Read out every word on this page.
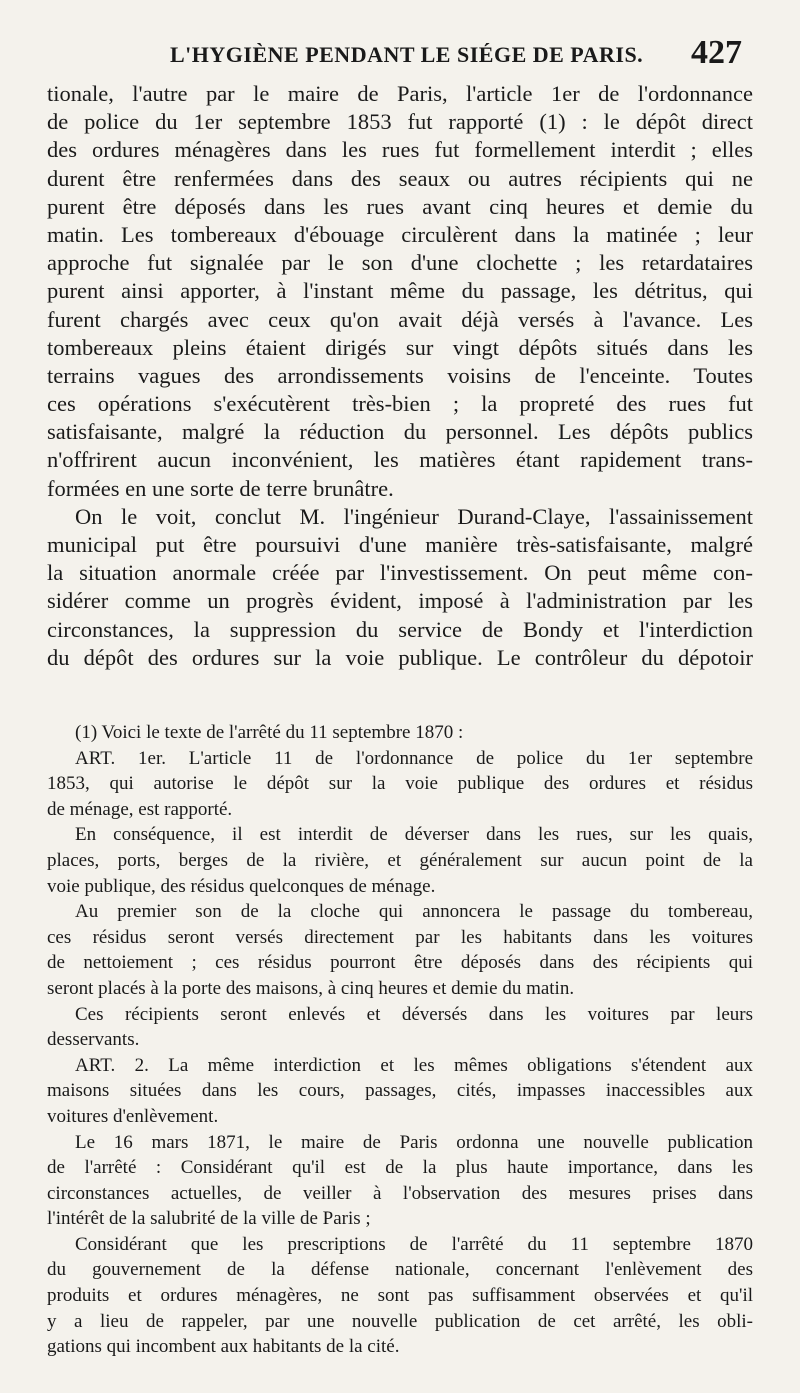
L'HYGIÈNE PENDANT LE SIÉGE DE PARIS. 427
tionale, l'autre par le maire de Paris, l'article 1er de l'ordonnance
de police du 1er septembre 1853 fut rapporté (1) : le dépôt direct
des ordures ménagères dans les rues fut formellement interdit ; elles
durent être renfermées dans des seaux ou autres récipients qui ne
purent être déposés dans les rues avant cinq heures et demie du
matin. Les tombereaux d'ébouage circulèrent dans la matinée ; leur
approche fut signalée par le son d'une clochette ; les retardataires
purent ainsi apporter, à l'instant même du passage, les détritus, qui
furent chargés avec ceux qu'on avait déjà versés à l'avance. Les
tombereaux pleins étaient dirigés sur vingt dépôts situés dans les
terrains vagues des arrondissements voisins de l'enceinte. Toutes
ces opérations s'exécutèrent très-bien ; la propreté des rues fut
satisfaisante, malgré la réduction du personnel. Les dépôts publics
n'offrirent aucun inconvénient, les matières étant rapidement trans-
formées en une sorte de terre brunâtre.
On le voit, conclut M. l'ingénieur Durand-Claye, l'assainissement
municipal put être poursuivi d'une manière très-satisfaisante, malgré
la situation anormale créée par l'investissement. On peut même con-
sidérer comme un progrès évident, imposé à l'administration par les
circonstances, la suppression du service de Bondy et l'interdiction
du dépôt des ordures sur la voie publique. Le contrôleur du dépotoir
(1) Voici le texte de l'arrêté du 11 septembre 1870 :
ART. 1er. L'article 11 de l'ordonnance de police du 1er septembre
1853, qui autorise le dépôt sur la voie publique des ordures et résidus
de ménage, est rapporté.
En conséquence, il est interdit de déverser dans les rues, sur les quais,
places, ports, berges de la rivière, et généralement sur aucun point de la
voie publique, des résidus quelconques de ménage.
Au premier son de la cloche qui annoncera le passage du tombereau,
ces résidus seront versés directement par les habitants dans les voitures
de nettoiement ; ces résidus pourront être déposés dans des récipients qui
seront placés à la porte des maisons, à cinq heures et demie du matin.
Ces récipients seront enlevés et déversés dans les voitures par leurs
desservants.
ART. 2. La même interdiction et les mêmes obligations s'étendent aux
maisons situées dans les cours, passages, cités, impasses inaccessibles aux
voitures d'enlèvement.
Le 16 mars 1871, le maire de Paris ordonna une nouvelle publication
de l'arrêté : Considérant qu'il est de la plus haute importance, dans les
circonstances actuelles, de veiller à l'observation des mesures prises dans
l'intérêt de la salubrité de la ville de Paris ;
Considérant que les prescriptions de l'arrêté du 11 septembre 1870
du gouvernement de la défense nationale, concernant l'enlèvement des
produits et ordures ménagères, ne sont pas suffisamment observées et qu'il
y a lieu de rappeler, par une nouvelle publication de cet arrêté, les obli-
gations qui incombent aux habitants de la cité.
